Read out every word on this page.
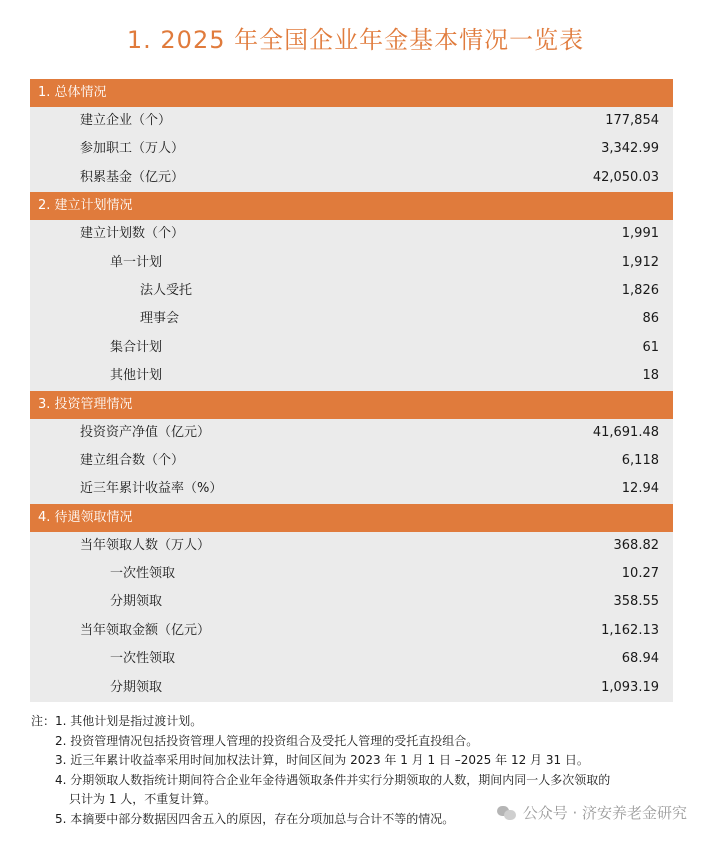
1. 2025 年全国企业年金基本情况一览表
1. 总体情况
建立企业（个）	177,854
参加职工（万人）	3,342.99
积累基金（亿元）	42,050.03
2. 建立计划情况
建立计划数（个）	1,991
单一计划	1,912
法人受托	1,826
理事会	86
集合计划	61
其他计划	18
3. 投资管理情况
投资资产净值（亿元）	41,691.48
建立组合数（个）	6,118
近三年累计收益率（%）	12.94
4. 待遇领取情况
当年领取人数（万人）	368.82
一次性领取	10.27
分期领取	358.55
当年领取金额（亿元）	1,162.13
一次性领取	68.94
分期领取	1,093.19
注： 1. 其他计划是指过渡计划。
2. 投资管理情况包括投资管理人管理的投资组合及受托人管理的受托直投组合。
3. 近三年累计收益率采用时间加权法计算，时间区间为 2023 年 1 月 1 日 –2025 年 12 月 31 日。
4. 分期领取人数指统计期间符合企业年金待遇领取条件并实行分期领取的人数，期间内同一人多次领取的
只计为 1 人，不重复计算。
5. 本摘要中部分数据因四舍五入的原因，存在分项加总与合计不等的情况。	公众号 · 济安养老金研究
